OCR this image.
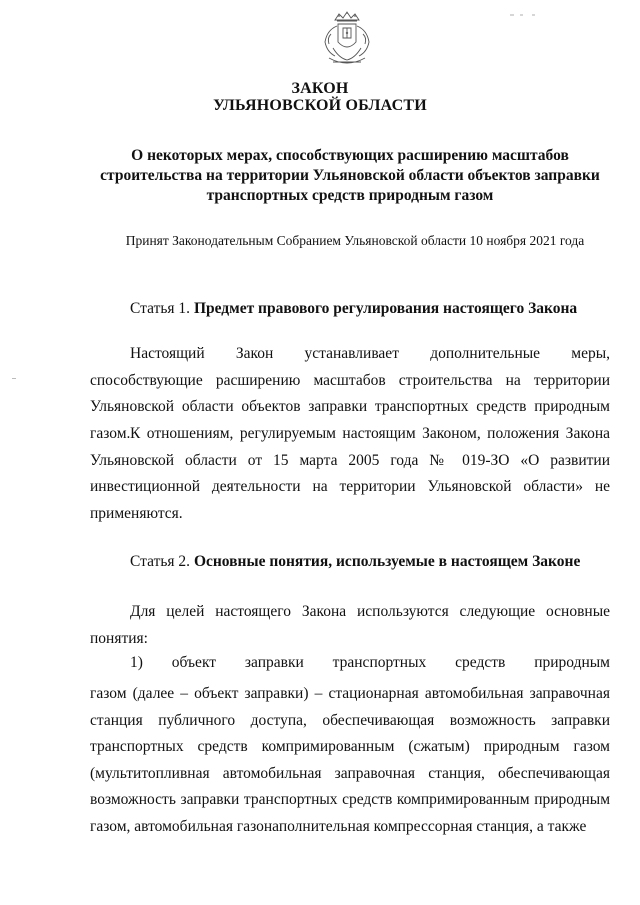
ЗАКОН
УЛЬЯНОВСКОЙ ОБЛАСТИ
О некоторых мерах, способствующих расширению масштабов строительства на территории Ульяновской области объектов заправки транспортных средств природным газом
Принят Законодательным Собранием Ульяновской области 10 ноября 2021 года
Статья 1. Предмет правового регулирования настоящего Закона

Настоящий Закон устанавливает дополнительные меры, способствующие расширению масштабов строительства на территории Ульяновской области объектов заправки транспортных средств природным газом. К отношениям, регулируемым настоящим Законом, положения Закона Ульяновской области от 15 марта 2005 года № 019-ЗО «О развитии инвестиционной деятельности на территории Ульяновской области» не применяются.

Статья 2. Основные понятия, используемые в настоящем Законе

Для целей настоящего Закона используются следующие основные понятия:

1) объект заправки транспортных средств природным

газом (далее – объект заправки) – стационарная автомобильная заправочная станция публичного доступа, обеспечивающая возможность заправки транспортных средств компримированным (сжатым) природным газом (мультитопливная автомобильная заправочная станция, обеспечивающая возможность заправки транспортных средств компримированным природным газом, автомобильная газонаполнительная компрессорная станция, а также
